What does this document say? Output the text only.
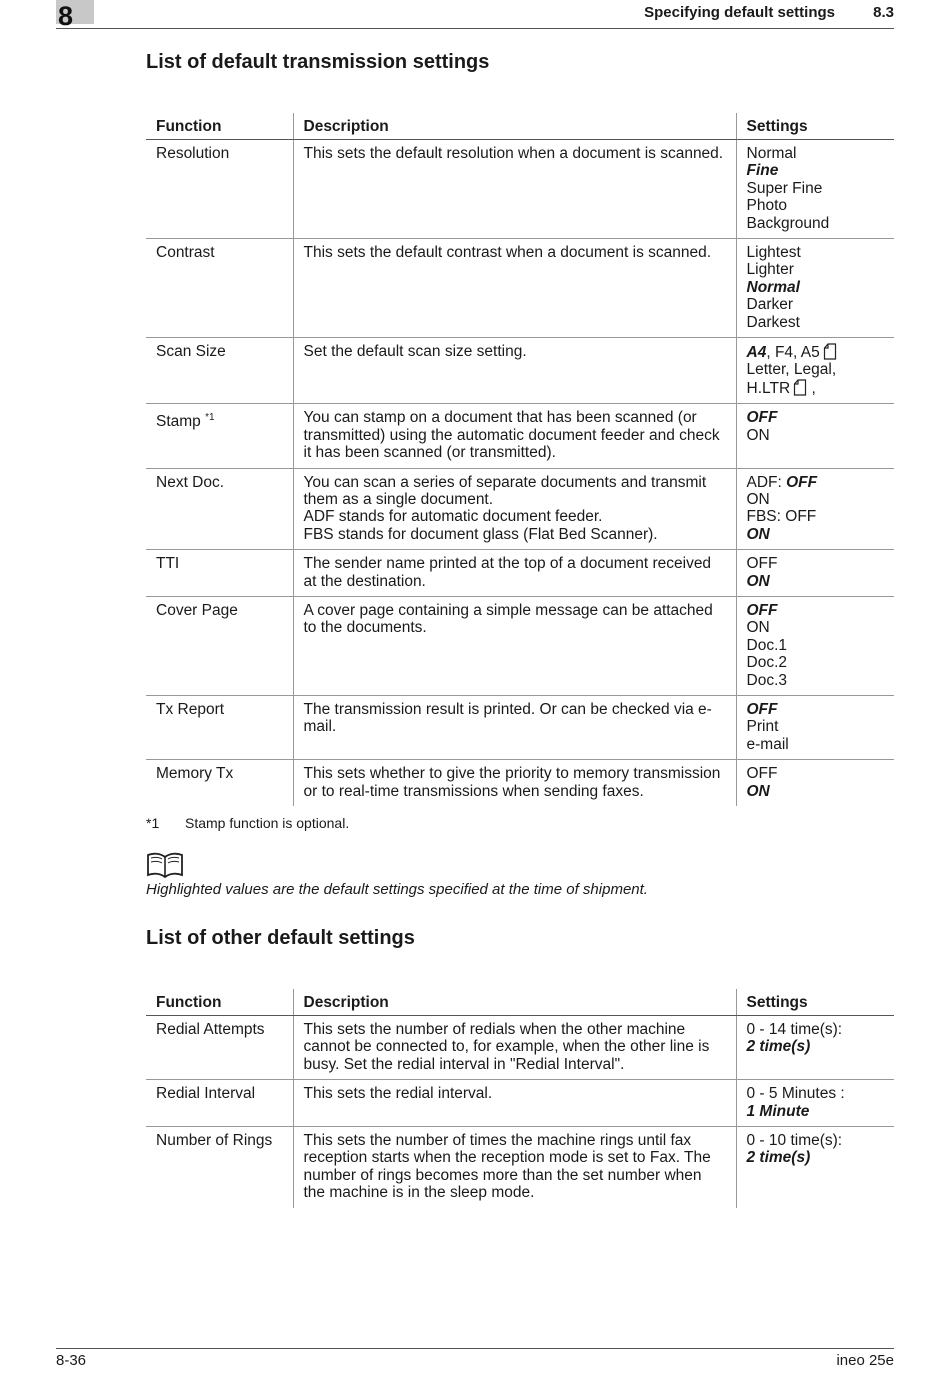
8	Specifying default settings	8.3
List of default transmission settings
Function	Description	Settings
Resolution	This sets the default resolution when a document is scanned.	Normal
Fine
Super Fine
Photo
Background

Contrast	This sets the default contrast when a document is scanned.	Lightest
Lighter
Normal
Darker
Darkest

Scan Size	Set the default scan size setting.	A4, F4, A5
Letter, Legal,
H.LTR ,

Stamp $^{*1}$	You can stamp on a document that has been scanned (or transmitted) using the automatic document feeder and check it has been scanned (or transmitted).	OFF
ON

Next Doc.	You can scan a series of separate documents and transmit them as a single document.
ADF stands for automatic document feeder.
FBS stands for document glass (Flat Bed Scanner).	ADF: OFF
ON
FBS: OFF
ON

TTI	The sender name printed at the top of a document received at the destination.	OFF
ON

Cover Page	A cover page containing a simple message can be attached to the documents.	OFF
ON
Doc.1
Doc.2
Doc.3

Tx Report	The transmission result is printed. Or can be checked via e-mail.	OFF
Print
e-mail

Memory Tx	This sets whether to give the priority to memory transmission or to real-time transmissions when sending faxes.	OFF
ON
*1 Stamp function is optional.
Highlighted values are the default settings specified at the time of shipment.
List of other default settings
Function	Description	Settings
Redial Attempts	This sets the number of redials when the other machine cannot be connected to, for example, when the other line is busy. Set the redial interval in "Redial Interval".	0 - 14 time(s):
2 time(s)

Redial Interval	This sets the redial interval.	0 - 5 Minutes :
1 Minute

Number of Rings	This sets the number of times the machine rings until fax reception starts when the reception mode is set to Fax. The number of rings becomes more than the set number when the machine is in the sleep mode.	0 - 10 time(s):
2 time(s)
8-36	ineo 25e
